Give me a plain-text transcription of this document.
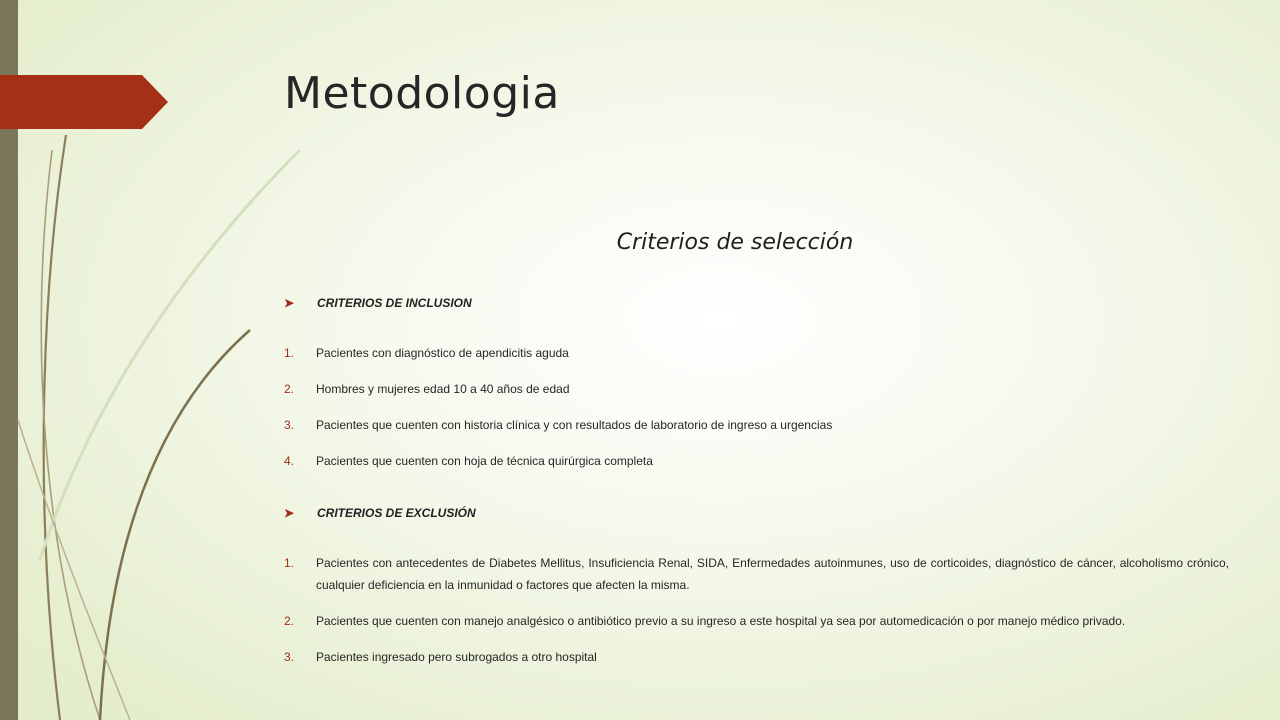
Metodologia
Criterios de selección

➤ CRITERIOS DE INCLUSION

1. Pacientes con diagnóstico de apendicitis aguda
2. Hombres y mujeres edad 10 a 40 años de edad
3. Pacientes que cuenten con historia clínica y con resultados de laboratorio de ingreso a urgencias
4. Pacientes que cuenten con hoja de técnica quirúrgica completa

➤ CRITERIOS DE EXCLUSIÓN

1. Pacientes con antecedentes de Diabetes Mellitus, Insuficiencia Renal, SIDA, Enfermedades autoinmunes, uso de corticoides, diagnóstico de cáncer, alcoholismo crónico, cualquier deficiencia en la inmunidad o factores que afecten la misma.
2. Pacientes que cuenten con manejo analgésico o antibiótico previo a su ingreso a este hospital ya sea por automedicación o por manejo médico privado.
3. Pacientes ingresado pero subrogados a otro hospital
